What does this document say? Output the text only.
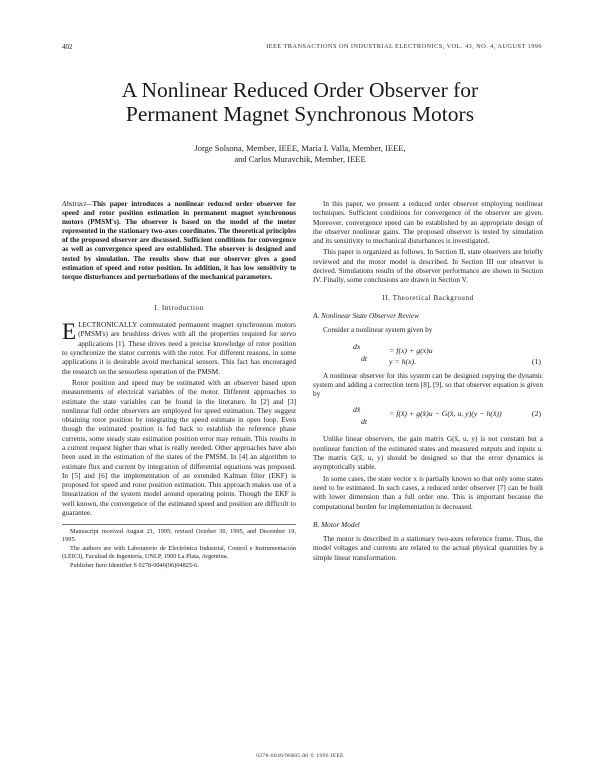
402	IEEE TRANSACTIONS ON INDUSTRIAL ELECTRONICS, VOL. 43, NO. 4, AUGUST 1996
A Nonlinear Reduced Order Observer for
Permanent Magnet Synchronous Motors
Jorge Solsona, Member, IEEE, María I. Valla, Member, IEEE,
and Carlos Muravchik, Member, IEEE
Abstract—This paper introduces a nonlinear reduced order observer for speed and rotor position estimation in permanent magnet synchronous motors (PMSM's). The observer is based on the model of the motor represented in the stationary two-axes coordinates. The theoretical principles of the proposed observer are discussed. Sufficient conditions for convergence as well as convergence speed are established. The observer is designed and tested by simulation. The results show that our observer gives a good estimation of speed and rotor position. In addition, it has low sensitivity to torque disturbances and perturbations of the mechanical parameters.
I. Introduction

ELECTRONICALLY commutated permanent magnet synchronous motors (PMSM's) are brushless drives with all the properties required for servo applications [1]. These drives need a precise knowledge of rotor position to synchronize the stator currents with the rotor. For different reasons, in some applications it is desirable avoid mechanical sensors. This fact has encouraged the research on the sensorless operation of the PMSM.

Rotor position and speed may be estimated with an observer based upon measurements of electrical variables of the motor. Different approaches to estimate the state variables can be found in the literature. In [2] and [3] nonlinear full order observers are employed for speed estimation. They suggest obtaining rotor position by integrating the speed estimate in open loop. Even though the estimated position is fed back to establish the reference phase currents, some steady state estimation position error may remain. This results in a current request higher than what is really needed. Other approaches have also been used in the estimation of the states of the PMSM. In [4] an algorithm to estimate flux and current by integration of differential equations was proposed. In [5] and [6] the implementation of an extended Kalman filter (EKF) is proposed for speed and rotor position estimation. This approach makes use of a linearization of the system model around operating points. Though the EKF is well known, the convergence of the estimated speed and position are difficult to guarantee.

Manuscript received August 21, 1995; revised October 30, 1995, and December 19, 1995.

The authors are with Laboratorio de Electrónica Industrial, Control e Instrumentación (LEICI), Facultad de Ingeniería, UNLP, 1900 La Plata, Argentina.

Publisher Item Identifier S 0278-0046(96)04825-6.

In this paper, we present a reduced order observer employing nonlinear techniques. Sufficient conditions for convergence of the observer are given. Moreover, convergence speed can be established by an appropriate design of the observer nonlinear gains. The proposed observer is tested by simulation and its sensitivity to mechanical disturbances is investigated.

This paper is organized as follows. In Section II, state observers are briefly reviewed and the motor model is described. In Section III our observer is derived. Simulations results of the observer performance are shown in Section IV. Finally, some conclusions are drawn in Section V.

II. Theoretical Background
A. Nonlinear State Observer Review

Consider a nonlinear system given by

dx
dt
= f(x) + g(x)u
y = h(x).	(1)

A nonlinear observer for this system can be designed copying the dynamic system and adding a correction term [8], [9], so that observer equation is given by

dx̂
dt
= f(x̂) + g(x̂)u − G(x̂, u, y)(y − h(x̂))	(2)

Unlike linear observers, the gain matrix G(x̂, u, y) is not constant but a nonlinear function of the estimated states and measured outputs and inputs u. The matrix G(x̂, u, y) should be designed so that the error dynamics is asymptotically stable.

In some cases, the state vector x is partially known so that only some states need to be estimated. In such cases, a reduced order observer [7] can be built with lower dimension than a full order one. This is important because the computational burden for implementation is decreased.

B. Motor Model

The motor is described in a stationary two-axes reference frame. Thus, the model voltages and currents are related to the actual physical quantities by a simple linear transformation.

0278-0046/96$05.00 © 1996 IEEE
